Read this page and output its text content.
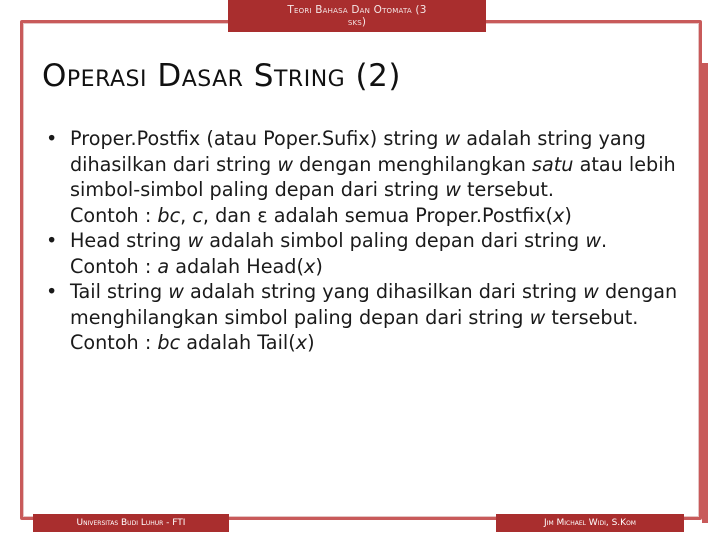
Teori Bahasa Dan Otomata (3
sks)
Operasi Dasar String (2)
• Proper.Postfix (atau Poper.Sufix) string w adalah string yang dihasilkan dari string w dengan menghilangkan satu atau lebih simbol-simbol paling depan dari string w tersebut.
Contoh : bc, c, dan ε adalah semua Proper.Postfix(x)
• Head string w adalah simbol paling depan dari string w.
Contoh : a adalah Head(x)
• Tail string w adalah string yang dihasilkan dari string w dengan menghilangkan simbol paling depan dari string w tersebut.
Contoh : bc adalah Tail(x)
Universitas Budi Luhur - FTI	Jim Michael Widi, S.Kom
